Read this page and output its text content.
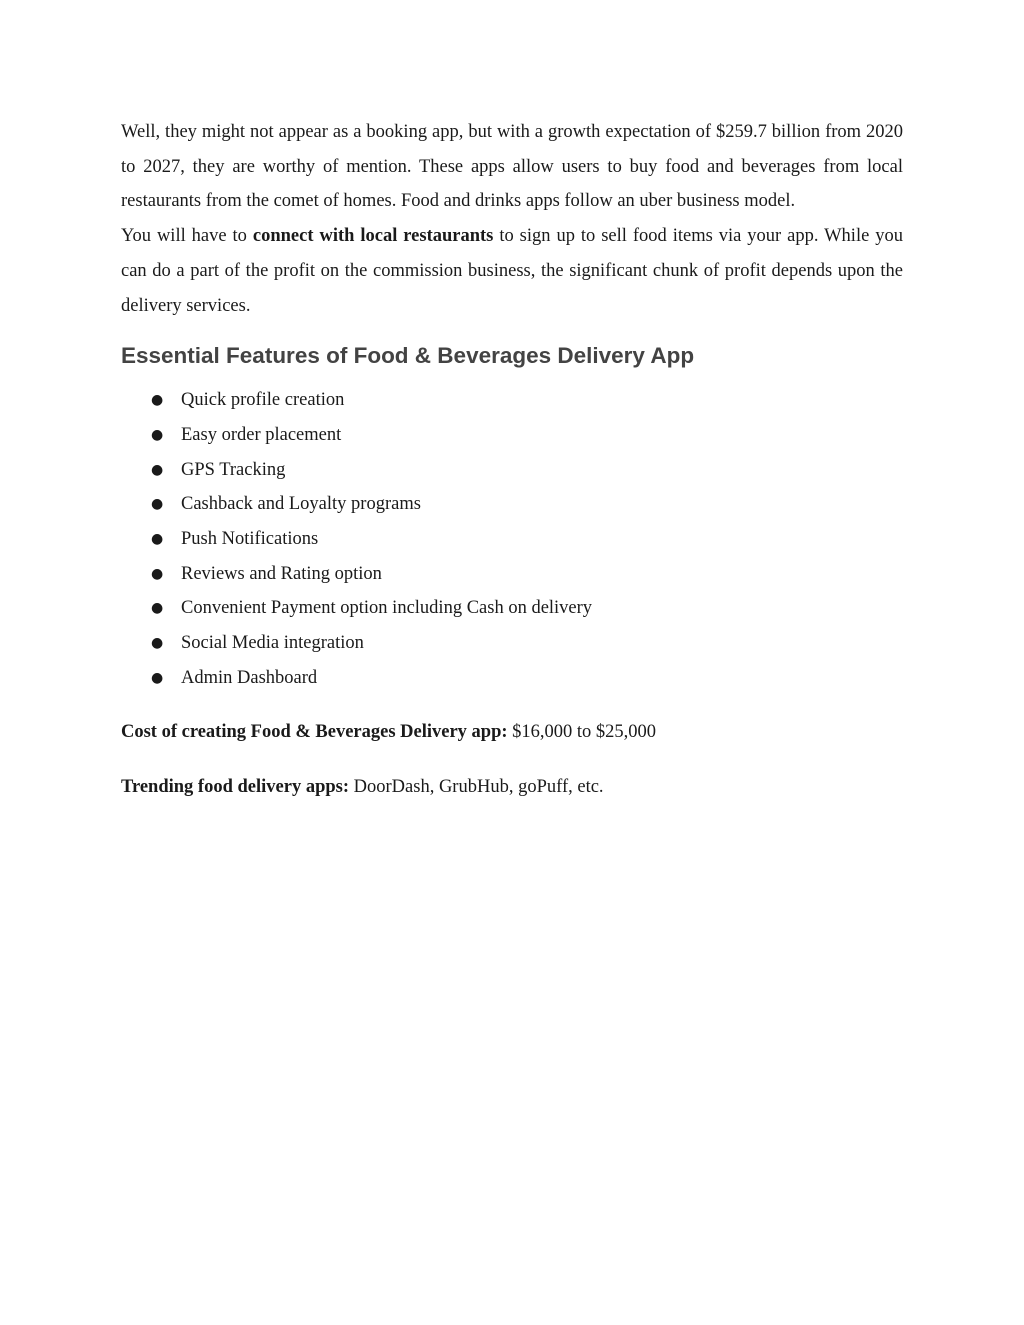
Well, they might not appear as a booking app, but with a growth expectation of $259.7 billion from 2020 to 2027, they are worthy of mention. These apps allow users to buy food and beverages from local restaurants from the comet of homes. Food and drinks apps follow an uber business model.

You will have to connect with local restaurants to sign up to sell food items via your app. While you can do a part of the profit on the commission business, the significant chunk of profit depends upon the delivery services.

Essential Features of Food & Beverages Delivery App
● Quick profile creation
● Easy order placement
● GPS Tracking
● Cashback and Loyalty programs
● Push Notifications
● Reviews and Rating option
● Convenient Payment option including Cash on delivery
● Social Media integration
● Admin Dashboard

Cost of creating Food & Beverages Delivery app: $16,000 to $25,000

Trending food delivery apps: DoorDash, GrubHub, goPuff, etc.
